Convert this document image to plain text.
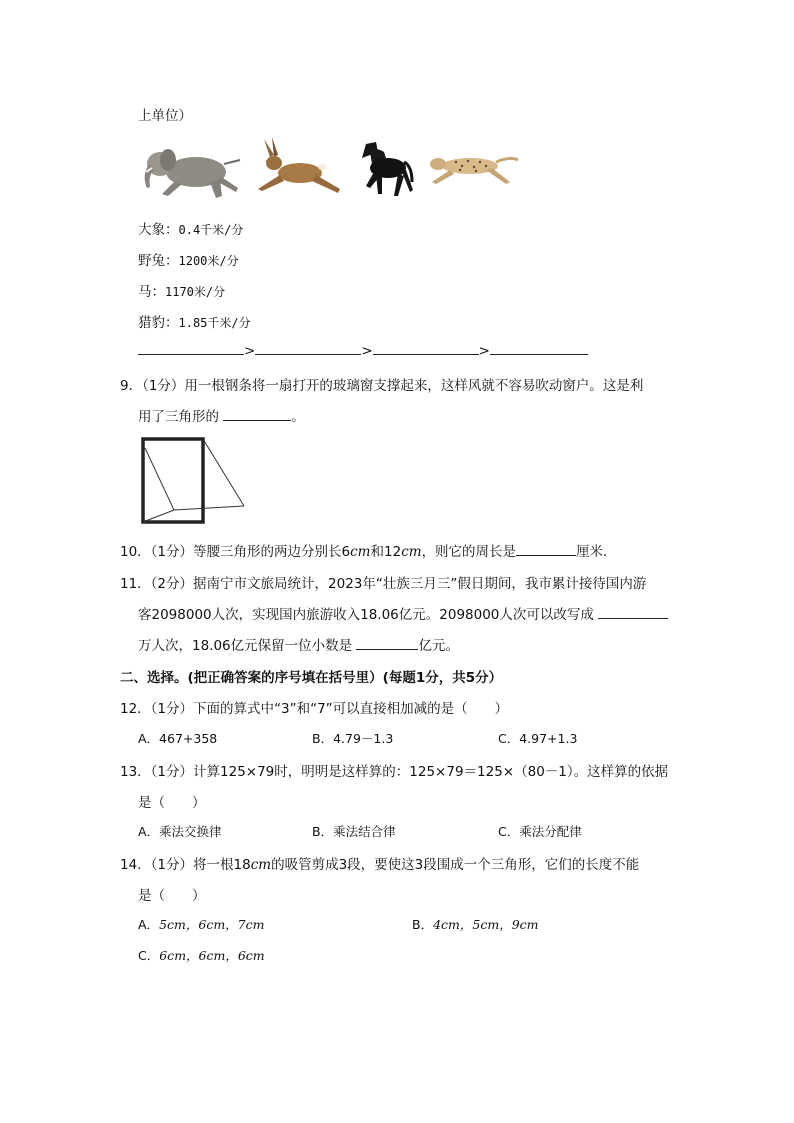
上单位）
大象：0.4千米/分
野兔：1200米/分
马：1170米/分
猎豹：1.85千米/分
>	>	>
9．（1分）用一根钢条将一扇打开的玻璃窗支撑起来，这样风就不容易吹动窗户。这是利
用了三角形的	。
10．（1分）等腰三角形的两边分别长6cm和12cm，则它的周长是	厘米.
11．（2分）据南宁市文旅局统计，2023年“壮族三月三”假日期间，我市累计接待国内游
客2098000人次，实现国内旅游收入18.06亿元。2098000人次可以改写成
万人次，18.06亿元保留一位小数是	亿元。
二、选择。(把正确答案的序号填在括号里）(每题1分，共5分）
12．（1分）下面的算式中“3”和“7”可以直接相加减的是（　　）
A．467+358	B．4.79－1.3	C．4.97+1.3
13．（1分）计算125×79时，明明是这样算的：125×79＝125×（80－1）。这样算的依据
是（　　）
A．乘法交换律	B．乘法结合律	C．乘法分配律
14．（1分）将一根18cm的吸管剪成3段，要使这3段围成一个三角形，它们的长度不能
是（　　）
A．5cm，6cm，7cm	B．4cm，5cm，9cm
C．6cm，6cm，6cm
